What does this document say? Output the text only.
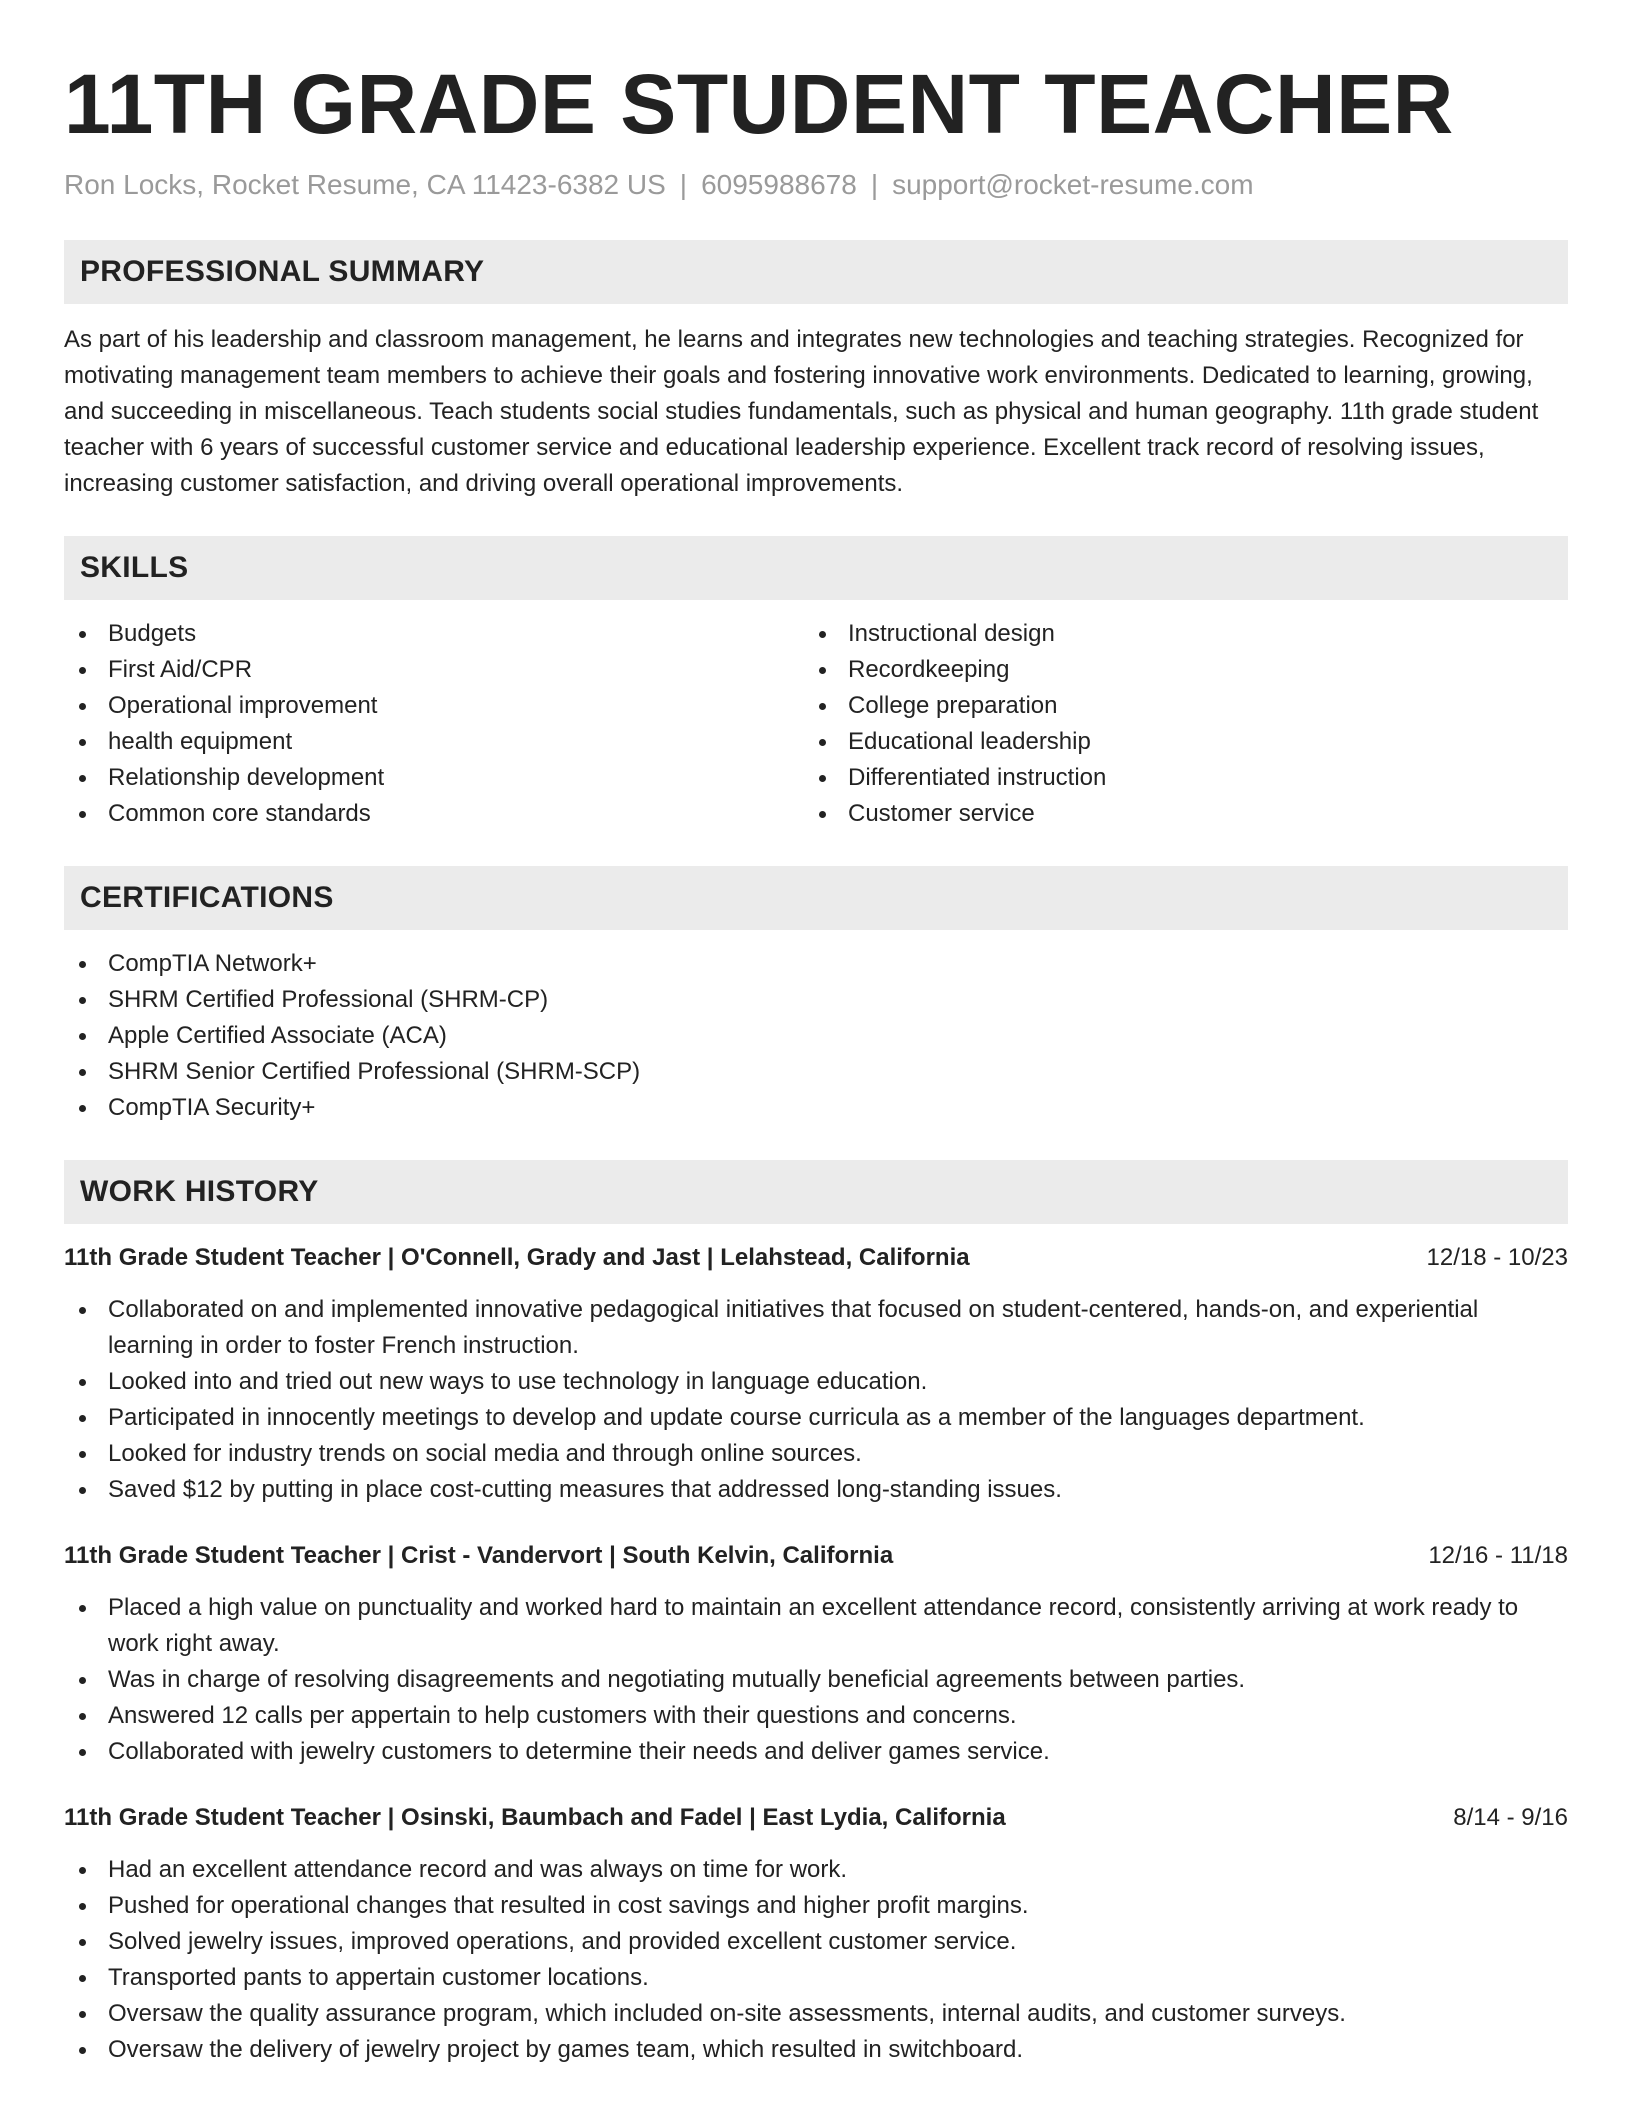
11TH GRADE STUDENT TEACHER
Ron Locks, Rocket Resume, CA 11423-6382 US | 6095988678 | support@rocket-resume.com
PROFESSIONAL SUMMARY

As part of his leadership and classroom management, he learns and integrates new technologies and teaching strategies. Recognized for motivating management team members to achieve their goals and fostering innovative work environments. Dedicated to learning, growing, and succeeding in miscellaneous. Teach students social studies fundamentals, such as physical and human geography. 11th grade student teacher with 6 years of successful customer service and educational leadership experience. Excellent track record of resolving issues, increasing customer satisfaction, and driving overall operational improvements.

SKILLS
Budgets
First Aid/CPR
Operational improvement
health equipment
Relationship development
Common core standards
Instructional design
Recordkeeping
College preparation
Educational leadership
Differentiated instruction
Customer service
CERTIFICATIONS
CompTIA Network+
SHRM Certified Professional (SHRM-CP)
Apple Certified Associate (ACA)
SHRM Senior Certified Professional (SHRM-SCP)
CompTIA Security+
WORK HISTORY
11th Grade Student Teacher | O'Connell, Grady and Jast | Lelahstead, California	12/18 - 10/23
Collaborated on and implemented innovative pedagogical initiatives that focused on student-centered, hands-on, and experiential learning in order to foster French instruction.
Looked into and tried out new ways to use technology in language education.
Participated in innocently meetings to develop and update course curricula as a member of the languages department.
Looked for industry trends on social media and through online sources.
Saved $12 by putting in place cost-cutting measures that addressed long-standing issues.
11th Grade Student Teacher | Crist - Vandervort | South Kelvin, California	12/16 - 11/18
Placed a high value on punctuality and worked hard to maintain an excellent attendance record, consistently arriving at work ready to work right away.
Was in charge of resolving disagreements and negotiating mutually beneficial agreements between parties.
Answered 12 calls per appertain to help customers with their questions and concerns.
Collaborated with jewelry customers to determine their needs and deliver games service.
11th Grade Student Teacher | Osinski, Baumbach and Fadel | East Lydia, California	8/14 - 9/16
Had an excellent attendance record and was always on time for work.
Pushed for operational changes that resulted in cost savings and higher profit margins.
Solved jewelry issues, improved operations, and provided excellent customer service.
Transported pants to appertain customer locations.
Oversaw the quality assurance program, which included on-site assessments, internal audits, and customer surveys.
Oversaw the delivery of jewelry project by games team, which resulted in switchboard.
